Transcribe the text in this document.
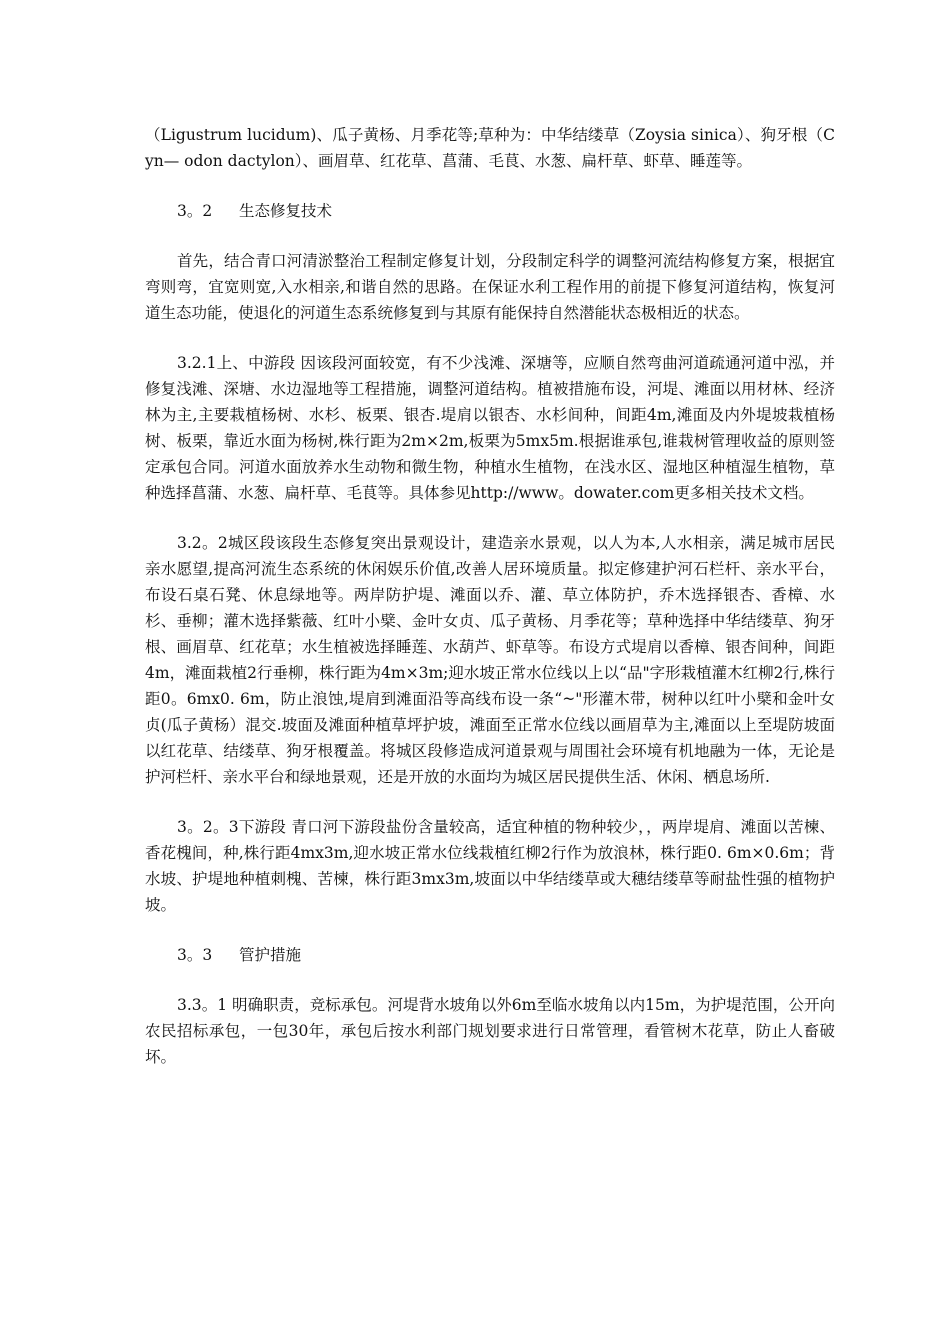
（Ligustrum lucidum)、瓜子黄杨、月季花等;草种为：中华结缕草（Zoysia sinica）、狗牙根（Cyn— odon dactylon）、画眉草、红花草、菖蒲、毛茛、水葱、扁杆草、虾草、睡莲等。

3。2 生态修复技术

首先，结合青口河清淤整治工程制定修复计划，分段制定科学的调整河流结构修复方案，根据宜弯则弯，宜宽则宽,入水相亲,和谐自然的思路。在保证水利工程作用的前提下修复河道结构，恢复河道生态功能，使退化的河道生态系统修复到与其原有能保持自然潜能状态极相近的状态。

3.2.1上、中游段 因该段河面较宽，有不少浅滩、深塘等，应顺自然弯曲河道疏通河道中泓，并修复浅滩、深塘、水边湿地等工程措施，调整河道结构。植被措施布设，河堤、滩面以用材林、经济林为主,主要栽植杨树、水杉、板栗、银杏.堤肩以银杏、水杉间种，间距4m,滩面及内外堤坡栽植杨树、板栗，靠近水面为杨树,株行距为2m×2m,板栗为5mx5m.根据谁承包,谁栽树管理收益的原则签定承包合同。河道水面放养水生动物和微生物，种植水生植物，在浅水区、湿地区种植湿生植物，草种选择菖蒲、水葱、扁杆草、毛茛等。具体参见http://www。dowater.com更多相关技术文档。

3.2。2城区段该段生态修复突出景观设计，建造亲水景观，以人为本,人水相亲，满足城市居民亲水愿望,提高河流生态系统的休闲娱乐价值,改善人居环境质量。拟定修建护河石栏杆、亲水平台，布设石桌石凳、休息绿地等。两岸防护堤、滩面以乔、灌、草立体防护，乔木选择银杏、香樟、水杉、垂柳；灌木选择紫薇、红叶小檗、金叶女贞、瓜子黄杨、月季花等；草种选择中华结缕草、狗牙根、画眉草、红花草；水生植被选择睡莲、水葫芦、虾草等。布设方式堤肩以香樟、银杏间种，间距4m，滩面栽植2行垂柳，株行距为4m×3m;迎水坡正常水位线以上以“品"字形栽植灌木红柳2行,株行距0。6mx0. 6m，防止浪蚀,堤肩到滩面沿等高线布设一条“~"形灌木带，树种以红叶小檗和金叶女贞(瓜子黄杨）混交.坡面及滩面种植草坪护坡，滩面至正常水位线以画眉草为主,滩面以上至堤防坡面以红花草、结缕草、狗牙根覆盖。将城区段修造成河道景观与周围社会环境有机地融为一体，无论是护河栏杆、亲水平台和绿地景观，还是开放的水面均为城区居民提供生活、休闲、栖息场所.

3。2。3下游段 青口河下游段盐份含量较高，适宜种植的物种较少，，两岸堤肩、滩面以苦楝、香花槐间，种,株行距4mx3m,迎水坡正常水位线栽植红柳2行作为放浪林，株行距0. 6m×0.6m；背水坡、护堤地种植刺槐、苦楝，株行距3mx3m,坡面以中华结缕草或大穗结缕草等耐盐性强的植物护坡。

3。3 管护措施

3.3。1 明确职责，竞标承包。河堤背水坡角以外6m至临水坡角以内15m，为护堤范围，公开向农民招标承包，一包30年，承包后按水利部门规划要求进行日常管理，看管树木花草，防止人畜破坏。
